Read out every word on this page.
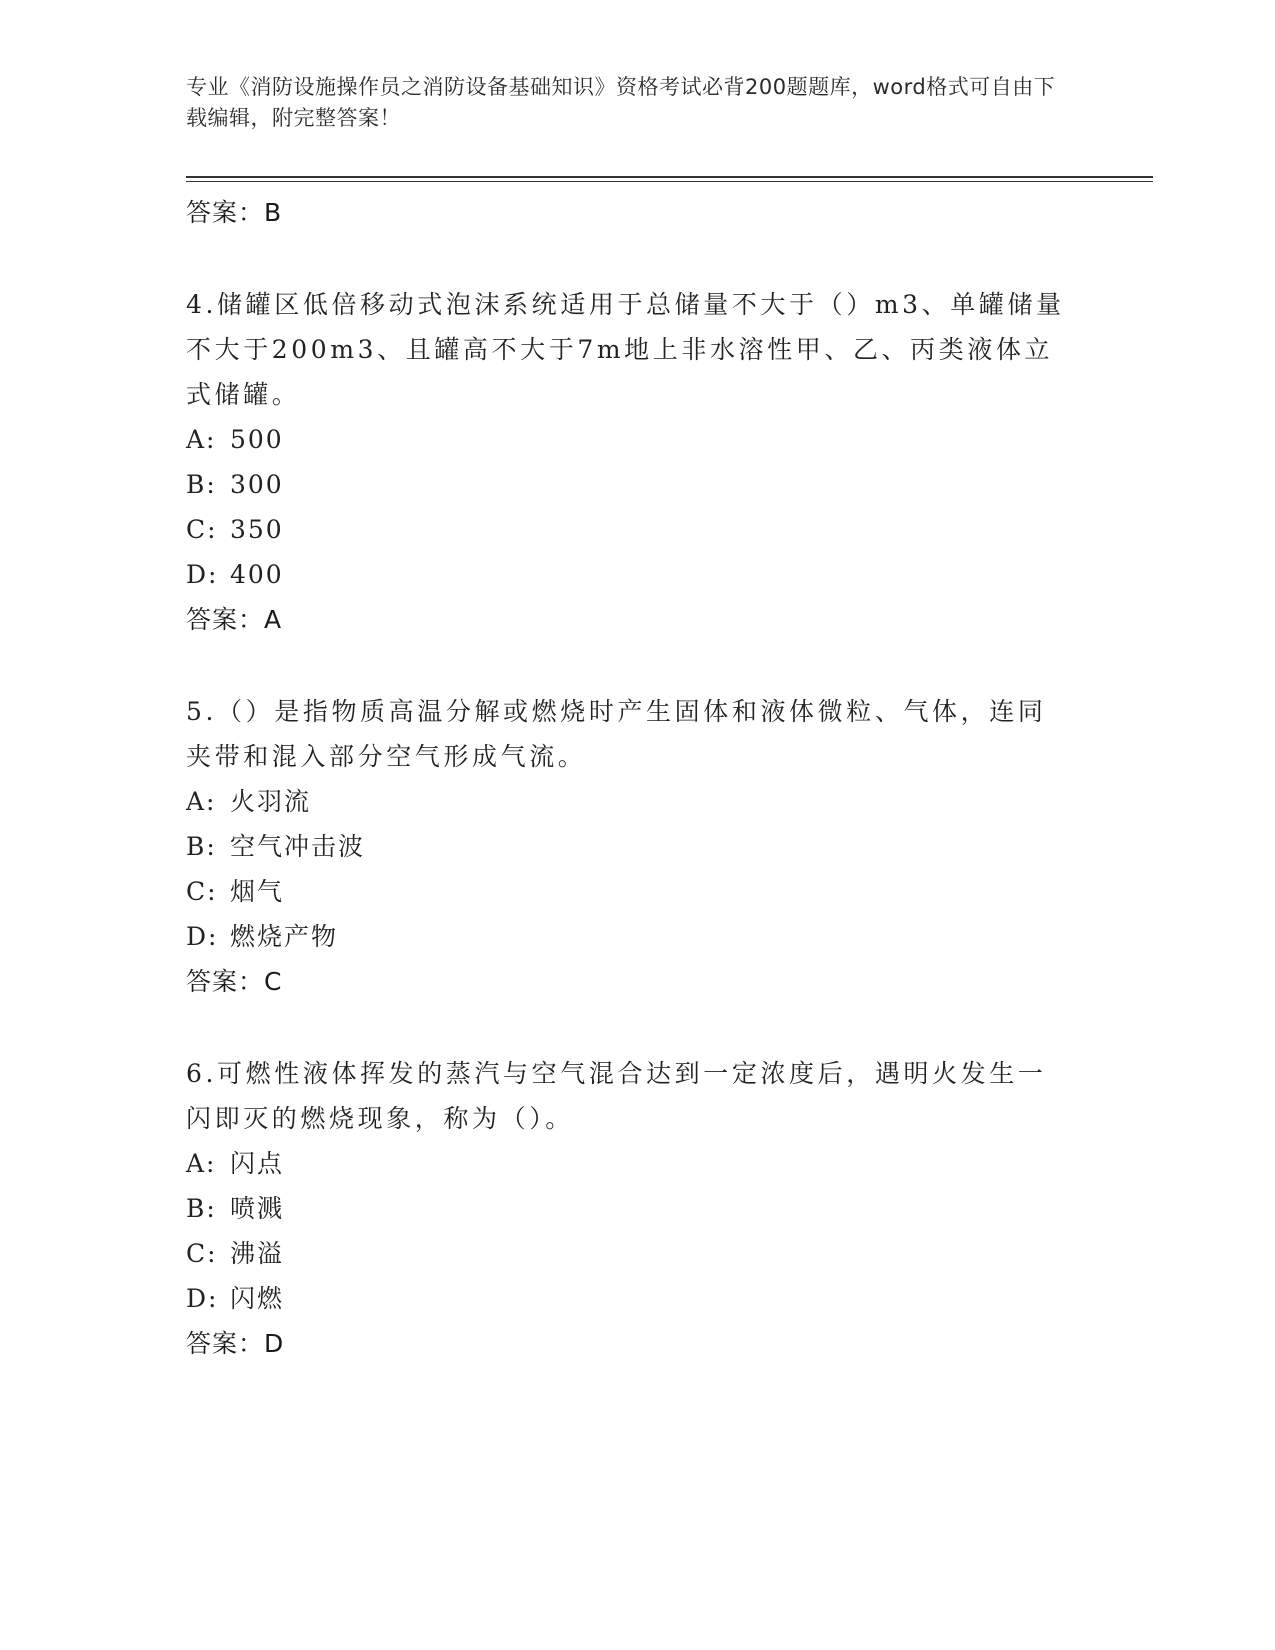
专业《消防设施操作员之消防设备基础知识》资格考试必背200题题库，word格式可自由下载编辑，附完整答案！
答案：B
4.储罐区低倍移动式泡沫系统适用于总储量不大于（）m3、单罐储量不大于200m3、且罐高不大于7m地上非水溶性甲、乙、丙类液体立式储罐。
A: 500
B: 300
C: 350
D: 400
答案：A
5.（）是指物质高温分解或燃烧时产生固体和液体微粒、气体，连同夹带和混入部分空气形成气流。
A: 火羽流
B: 空气冲击波
C: 烟气
D: 燃烧产物
答案：C
6.可燃性液体挥发的蒸汽与空气混合达到一定浓度后，遇明火发生一闪即灭的燃烧现象，称为（）。
A: 闪点
B: 喷溅
C: 沸溢
D: 闪燃
答案：D
